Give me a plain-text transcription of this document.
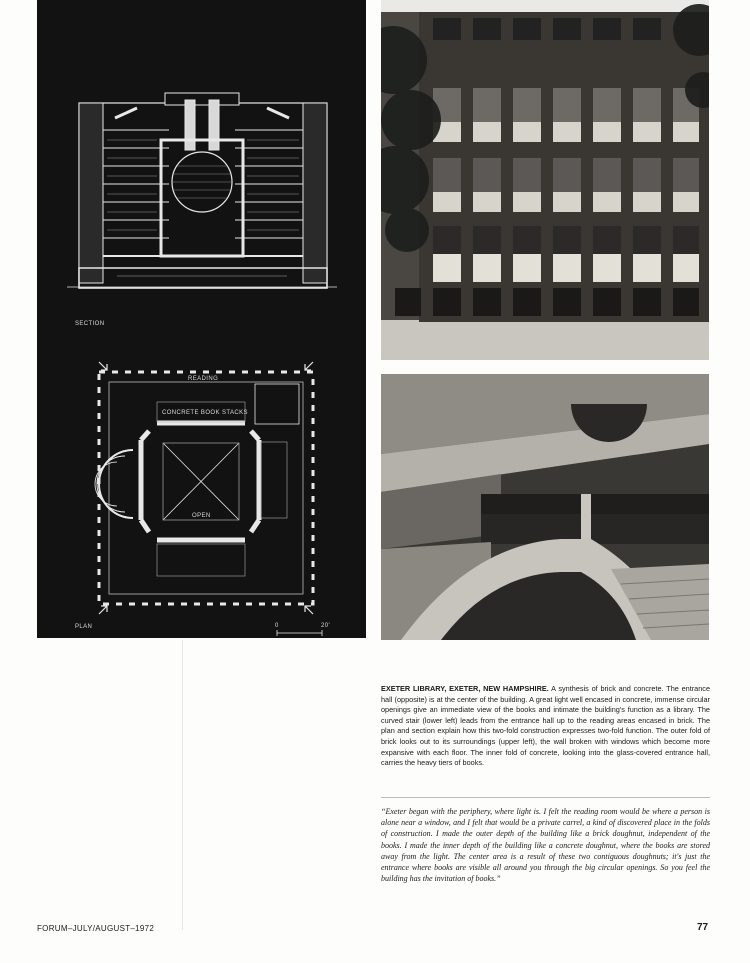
SECTION
PLAN
READING
CONCRETE BOOK STACKS
OPEN
0	20'
EXETER LIBRARY, EXETER, NEW HAMPSHIRE. A synthesis of brick and concrete. The entrance hall (opposite) is at the center of the building. A great light well encased in concrete, immense circular openings give an immediate view of the books and intimate the building's function as a library. The curved stair (lower left) leads from the entrance hall up to the reading areas encased in brick. The plan and section explain how this two-fold construction expresses two-fold function. The outer fold of brick looks out to its surroundings (upper left), the wall broken with windows which become more expansive with each floor. The inner fold of concrete, looking into the glass-covered entrance hall, carries the heavy tiers of books.
“Exeter began with the periphery, where light is. I felt the reading room would be where a person is alone near a window, and I felt that would be a private carrel, a kind of discovered place in the folds of construction. I made the outer depth of the building like a brick doughnut, independent of the books. I made the inner depth of the building like a concrete doughnut, where the books are stored away from the light. The center area is a result of these two contiguous doughnuts; it's just the entrance where books are visible all around you through the big circular openings. So you feel the building has the invitation of books.”
FORUM–JULY/AUGUST–1972	77
